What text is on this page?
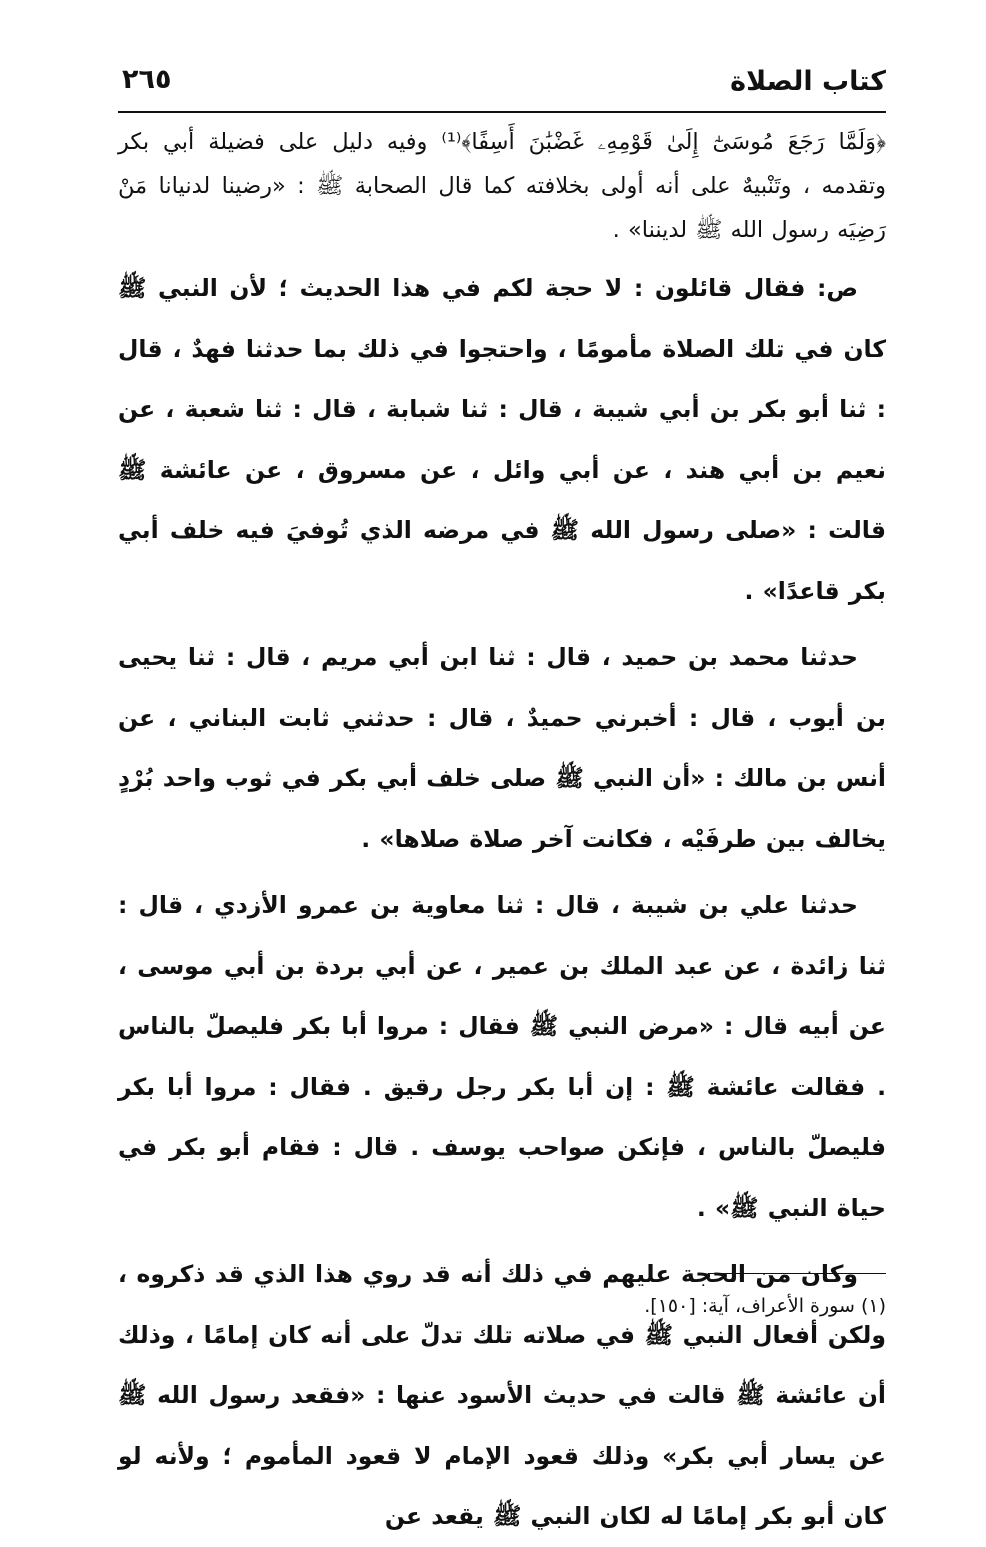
كتاب الصلاة
٢٦٥

﴿وَلَمَّا رَجَعَ مُوسَىٰٓ إِلَىٰ قَوْمِهِۦ غَضْبَٰنَ أَسِفًا﴾⁽¹⁾ وفيه دليل على فضيلة أبي بكر وتقدمه ، وتَنْبيهٌ على أنه أولى بخلافته كما قال الصحابة ﷺ : «رضينا لدنيانا مَنْ رَضِيَه رسول الله ﷺ لديننا» .

ص: فقال قائلون : لا حجة لكم في هذا الحديث ؛ لأن النبي ﷺ كان في تلك الصلاة مأمومًا ، واحتجوا في ذلك بما حدثنا فهدٌ ، قال : ثنا أبو بكر بن أبي شيبة ، قال : ثنا شبابة ، قال : ثنا شعبة ، عن نعيم بن أبي هند ، عن أبي وائل ، عن مسروق ، عن عائشة ﷺ قالت : «صلى رسول الله ﷺ في مرضه الذي تُوفيَ فيه خلف أبي بكر قاعدًا» .

حدثنا محمد بن حميد ، قال : ثنا ابن أبي مريم ، قال : ثنا يحيى بن أيوب ، قال : أخبرني حميدٌ ، قال : حدثني ثابت البناني ، عن أنس بن مالك : «أن النبي ﷺ صلى خلف أبي بكر في ثوب واحد بُرْدٍ يخالف بين طرفَيْه ، فكانت آخر صلاة صلاها» .

حدثنا علي بن شيبة ، قال : ثنا معاوية بن عمرو الأزدي ، قال : ثنا زائدة ، عن عبد الملك بن عمير ، عن أبي بردة بن أبي موسى ، عن أبيه قال : «مرض النبي ﷺ فقال : مروا أبا بكر فليصلّ بالناس . فقالت عائشة ﷺ : إن أبا بكر رجل رقيق . فقال : مروا أبا بكر فليصلّ بالناس ، فإنكن صواحب يوسف . قال : فقام أبو بكر في حياة النبي ﷺ» .

وكان من الحجة عليهم في ذلك أنه قد روي هذا الذي قد ذكروه ، ولكن أفعال النبي ﷺ في صلاته تلك تدلّ على أنه كان إمامًا ، وذلك أن عائشة ﷺ قالت في حديث الأسود عنها : «فقعد رسول الله ﷺ عن يسار أبي بكر» وذلك قعود الإمام لا قعود المأموم ؛ ولأنه لو كان أبو بكر إمامًا له لكان النبي ﷺ يقعد عن

(١) سورة الأعراف، آية: [١٥٠].
